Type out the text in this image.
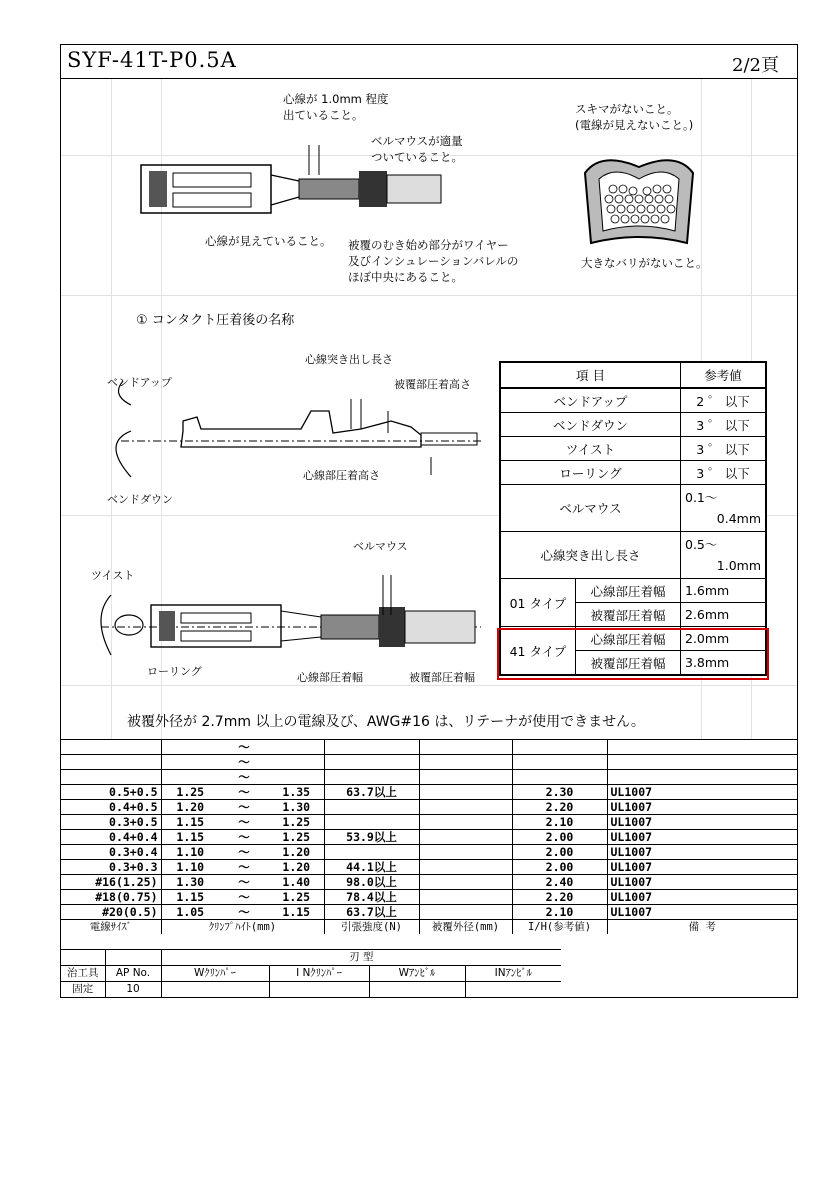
SYF-41T-P0.5A	2/2頁
心線が 1.0mm 程度
出ていること。
ベルマウスが適量
ついていること。
心線が見えていること。 被覆のむき始め部分がワイヤー
及びインシュレーションバレルの
ほぼ中央にあること。
スキマがないこと。
(電線が見えないこと。)
大きなバリがないこと。
① コンタクト圧着後の名称
心線突き出し長さ
ベンドアップ	被覆部圧着高さ
心線部圧着高さ
ベンドダウン
ベルマウス
ツイスト
ローリング	心線部圧着幅	被覆部圧着幅
項 目		参考値
ベンドアップ		2 ゜ 以下
ベンドダウン		3 ゜ 以下
ツイスト		3 ゜ 以下
ローリング		3 ゜ 以下
ベルマウス		0.1～
0.4mm

心線突き出し長さ		0.5～
1.0mm

01 タイプ	心線部圧着幅	1.6mm
	被覆部圧着幅	2.6mm
41 タイプ	心線部圧着幅	2.0mm
	被覆部圧着幅	3.8mm
被覆外径が 2.7mm 以上の電線及び、AWG#16 は、リテーナが使用できません。
		～					
		～					
		～					
0.5+0.5	1.25	～	1.35	63.7以上		2.30	UL1007
0.4+0.5	1.20	～	1.30			2.20	UL1007
0.3+0.5	1.15	～	1.25			2.10	UL1007
0.4+0.4	1.15	～	1.25	53.9以上		2.00	UL1007
0.3+0.4	1.10	～	1.20			2.00	UL1007
0.3+0.3	1.10	～	1.20	44.1以上		2.00	UL1007
#16(1.25)	1.30	～	1.40	98.0以上		2.40	UL1007
#18(0.75)	1.15	～	1.25	78.4以上		2.20	UL1007
#20(0.5)	1.05	～	1.15	63.7以上		2.10	UL1007
電線ｻｲｽﾞ	ｸﾘﾝﾌﾟﾊｲﾄ(mm)			引張強度(N)	被覆外径(mm)	I/H(参考値)	備 考
		刃 型			
治工具	AP No.	Wｸﾘﾝﾊﾟｰ	I Nｸﾘﾝﾊﾟｰ	Wｱﾝﾋﾞﾙ	INｱﾝﾋﾞﾙ
固定	10				
